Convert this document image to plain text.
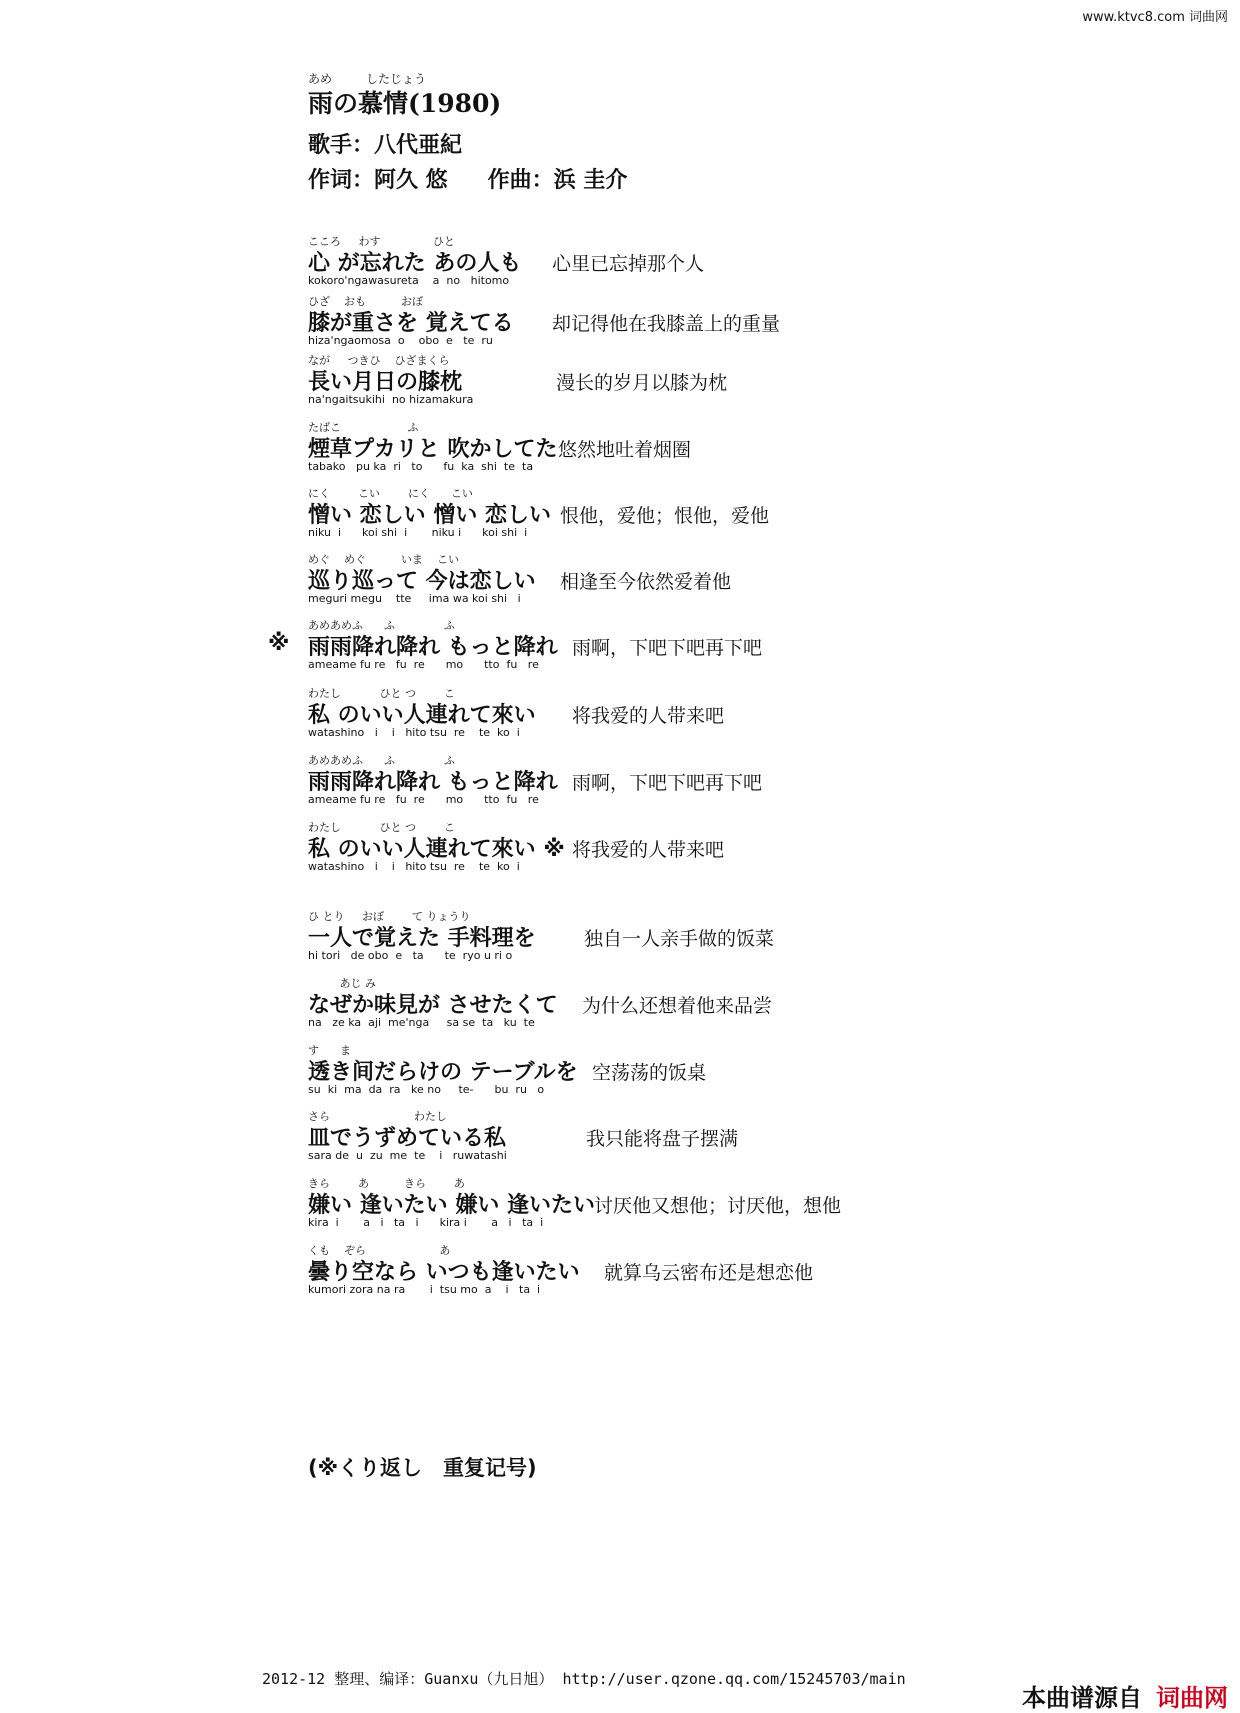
www.ktvc8.com 词曲网
あめ	したじょう
雨の慕情(1980)
歌手：八代亜紀
作词：阿久 悠 作曲：浜 圭介
こころ     わす               ひと
心 が忘れた あの人も
kokoro'ngawasureta    a  no   hitomo
心里已忘掉那个人
ひざ    おも          おぼ
膝が重さを 覚えてる
hiza'ngaomosa  o    obo  e   te  ru
却记得他在我膝盖上的重量
なが     つきひ    ひざまくら
長い月日の膝枕
na'ngaitsukihi  no hizamakura
漫长的岁月以膝为枕
たばこ                   ふ
煙草プカリと 吹かしてた
tabako   pu ka  ri   to      fu  ka  shi  te  ta
悠然地吐着烟圈
にく        こい        にく      こい
憎い 恋しい 憎い 恋しい
niku  i      koi shi  i       niku i      koi shi  i
恨他，爱他；恨他，爱他
めぐ    めぐ          いま    こい
巡り巡って 今は恋しい
meguri megu    tte     ima wa koi shi   i
相逢至今依然爱着他
あめあめふ      ふ              ふ
雨雨降れ降れ もっと降れ
ameame fu re   fu  re      mo      tto  fu   re
雨啊，下吧下吧再下吧
※
わたし           ひと つ        こ
私 のいい人連れて來い
watashino   i    i   hito tsu  re    te  ko  i
将我爱的人带来吧
あめあめふ      ふ              ふ
雨雨降れ降れ もっと降れ
ameame fu re   fu  re      mo      tto  fu   re
雨啊，下吧下吧再下吧
わたし           ひと つ        こ
私 のいい人連れて來い ※
watashino   i    i   hito tsu  re    te  ko  i
将我爱的人带来吧
ひ とり     おぼ        て りょうり
一人で覚えた 手料理を
hi tori   de obo  e   ta      te  ryo u ri o
独自一人亲手做的饭菜
あじ み
なぜか味見が させたくて
na   ze ka  aji  me'nga     sa se  ta   ku  te
为什么还想着他来品尝
す      ま
透き间だらけの テーブルを
su  ki  ma  da  ra   ke no     te-      bu  ru   o
空荡荡的饭桌
さら                        わたし
皿でうずめている私
sara de  u  zu  me  te    i   ruwatashi
我只能将盘子摆满
きら        あ          きら        あ
嫌い 逢いたい 嫌い 逢いたい
kira  i       a   i   ta   i      kira i       a   i   ta  i
讨厌他又想他；讨厌他，想他
くも    ぞら                     あ
曇り空なら いつも逢いたい
kumori zora na ra       i  tsu mo  a    i   ta  i
就算乌云密布还是想恋他
(※くり返し　重复记号)
2012-12 整理、编译：Guanxu（九日旭） http://user.qzone.qq.com/15245703/main
本曲谱源自 词曲网
